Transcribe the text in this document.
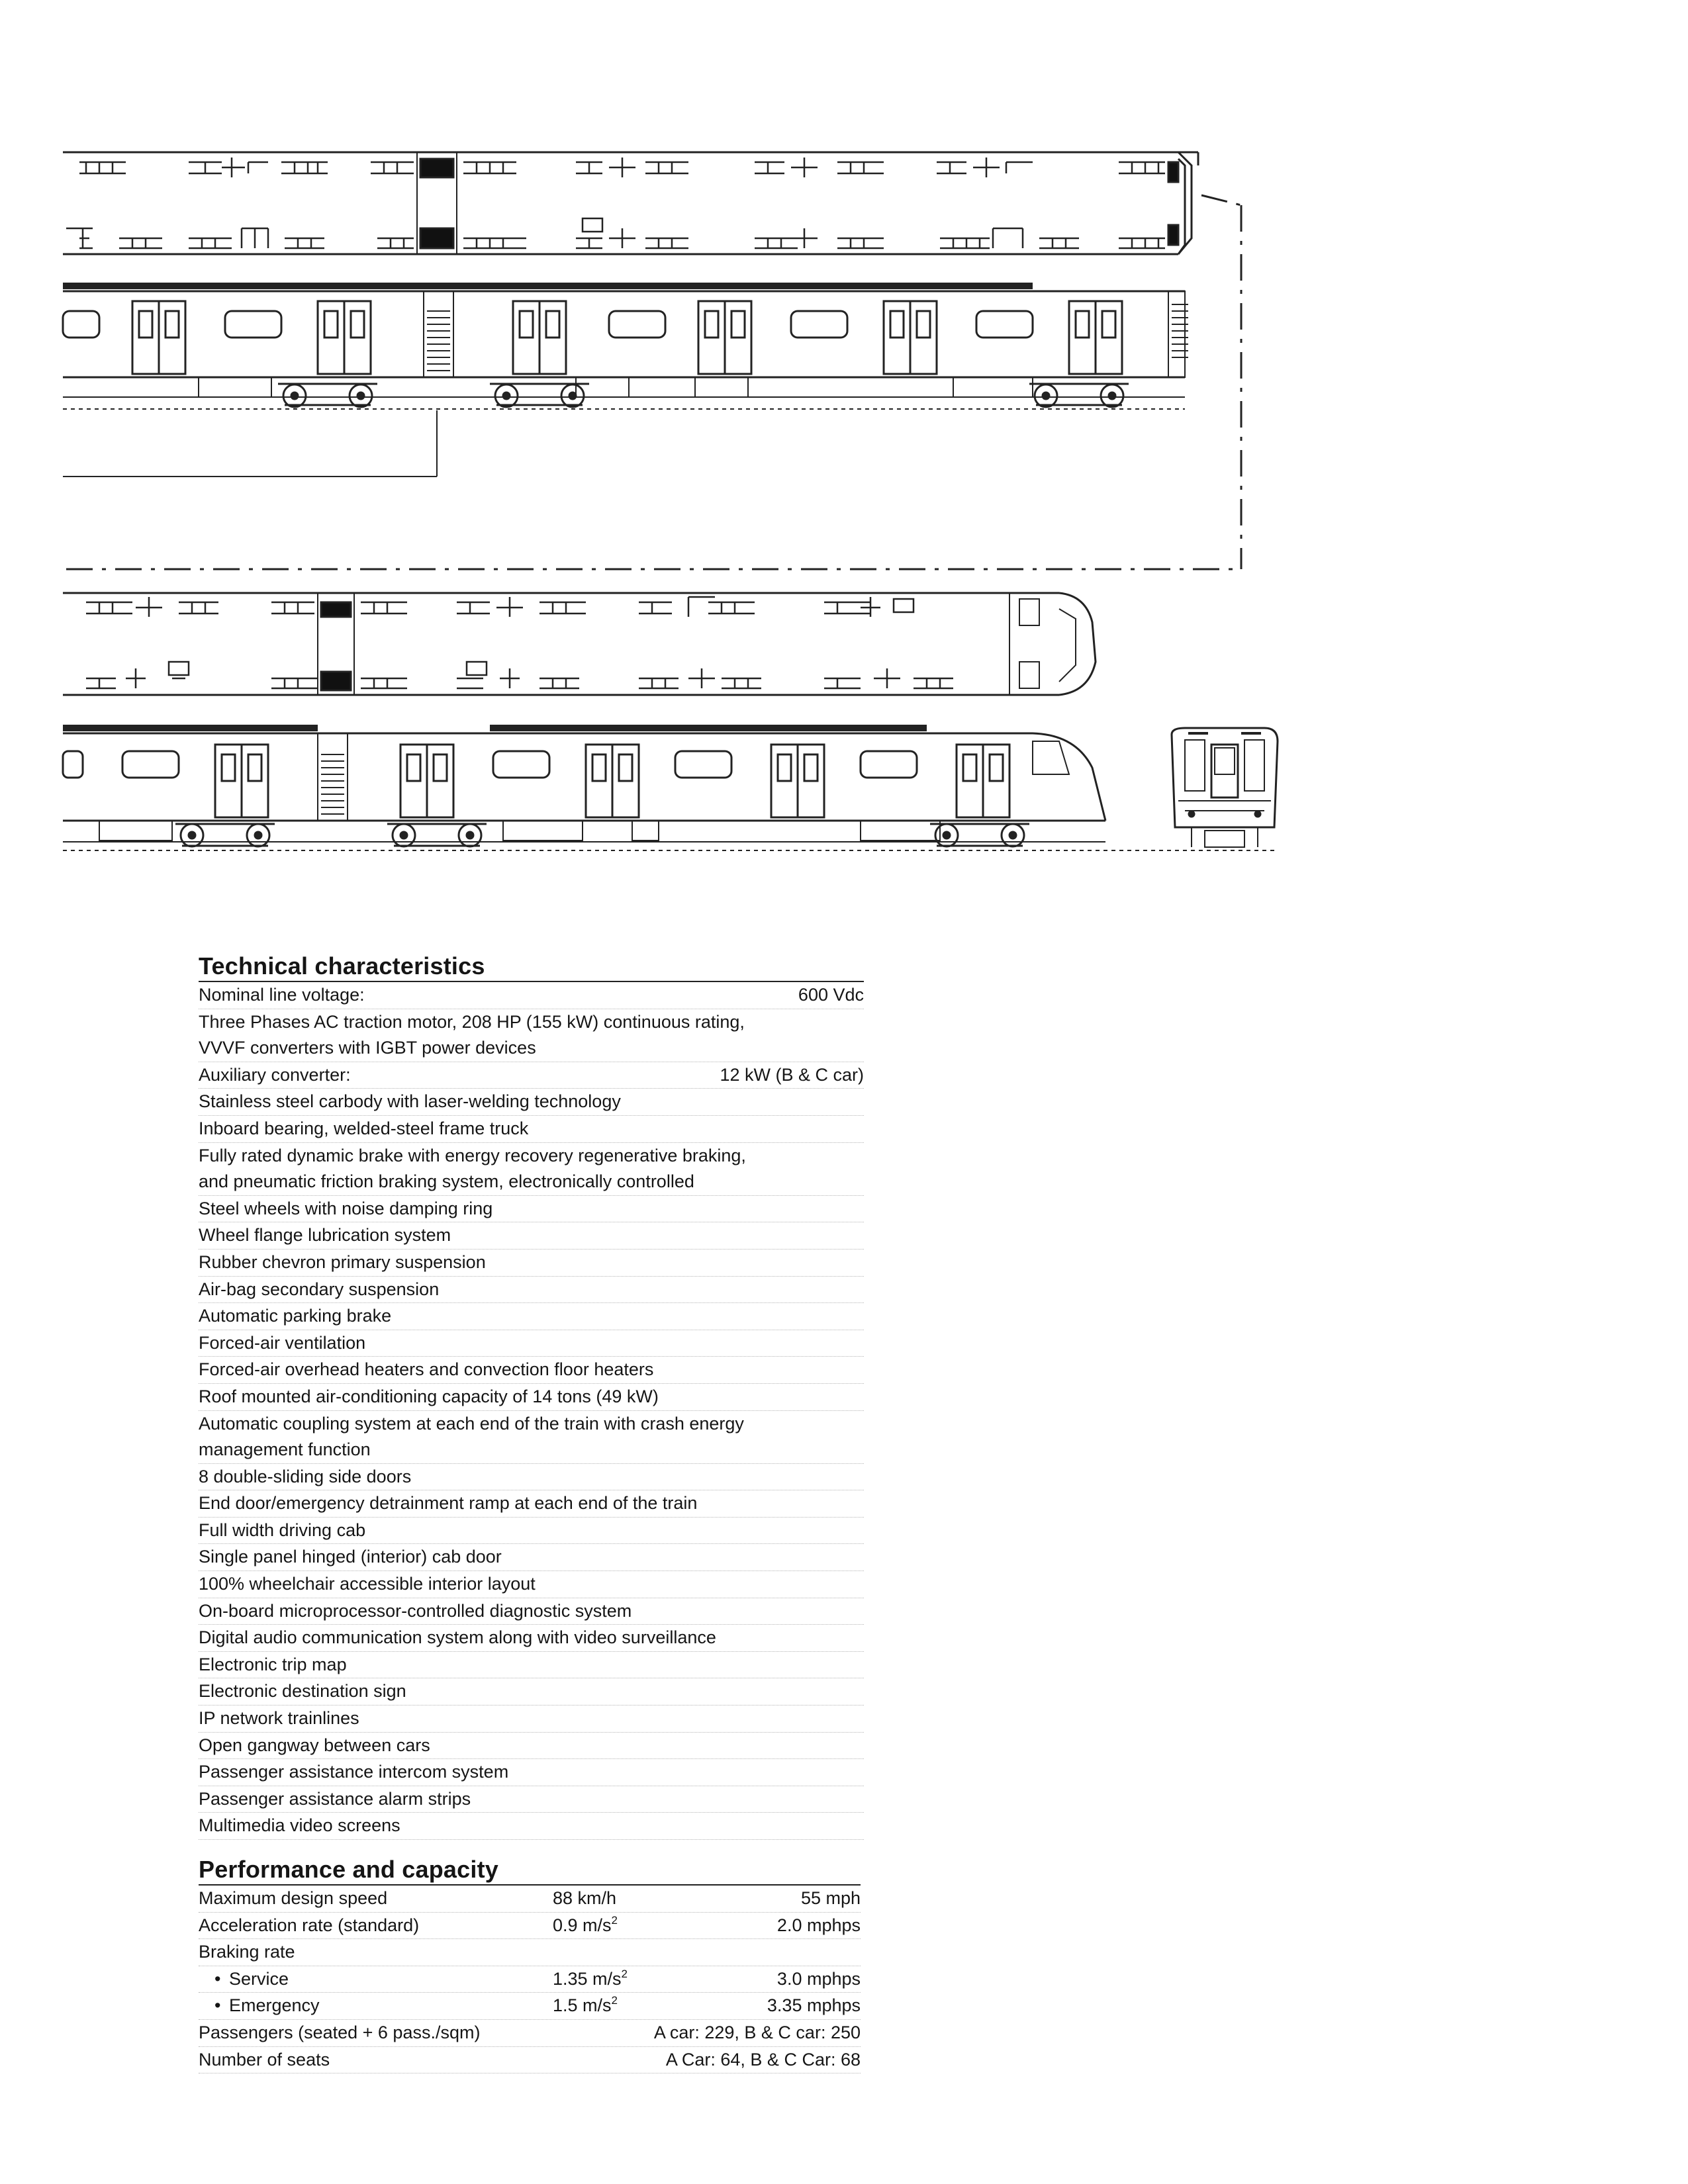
Technical characteristics
Nominal line voltage:	600 Vdc
Three Phases AC traction motor, 208 HP (155 kW) continuous rating,
VVVF converters with IGBT power devices
Auxiliary converter:	12 kW (B & C car)
Stainless steel carbody with laser-welding technology
Inboard bearing, welded-steel frame truck
Fully rated dynamic brake with energy recovery regenerative braking,
and pneumatic friction braking system, electronically controlled
Steel wheels with noise damping ring
Wheel flange lubrication system
Rubber chevron primary suspension
Air-bag secondary suspension
Automatic parking brake
Forced-air ventilation
Forced-air overhead heaters and convection floor heaters
Roof mounted air-conditioning capacity of 14 tons (49 kW)
Automatic coupling system at each end of the train with crash energy
management function
8 double-sliding side doors
End door/emergency detrainment ramp at each end of the train
Full width driving cab
Single panel hinged (interior) cab door
100% wheelchair accessible interior layout
On-board microprocessor-controlled diagnostic system
Digital audio communication system along with video surveillance
Electronic trip map
Electronic destination sign
IP network trainlines
Open gangway between cars
Passenger assistance intercom system
Passenger assistance alarm strips
Multimedia video screens
Performance and capacity
Maximum design speed	88 km/h	55 mph
Acceleration rate (standard)	0.9 $m/s^2$	2.0 mphps
Braking rate
• Service	1.35 $m/s^2$	3.0 mphps
• Emergency	1.5 $m/s^2$	3.35 mphps
Passengers (seated + 6 pass./sqm)	A car: 229, B & C car: 250
Number of seats	A Car: 64, B & C Car: 68
